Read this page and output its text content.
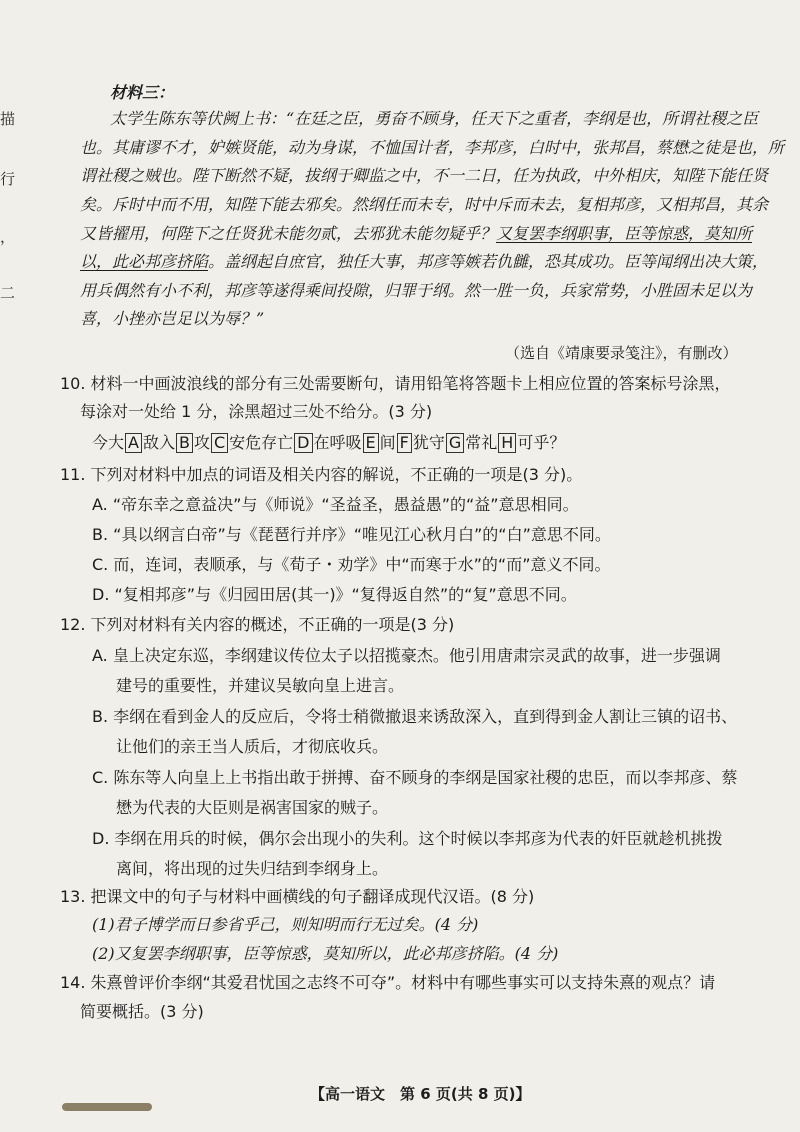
描
行
，
二
材料三：
太学生陈东等伏阙上书：“在廷之臣，勇奋不顾身，任天下之重者，李纲是也，所谓社稷之臣
也。其庸谬不才，妒嫉贤能，动为身谋，不恤国计者，李邦彦，白时中，张邦昌，蔡懋之徒是也，所
谓社稷之贼也。陛下断然不疑，拔纲于卿监之中，不一二日，任为执政，中外相庆，知陛下能任贤
矣。斥时中而不用，知陛下能去邪矣。然纲任而未专，时中斥而未去，复相邦彦，又相邦昌，其余
又皆擢用，何陛下之任贤犹未能勿贰，去邪犹未能勿疑乎？又复罢李纲职事，臣等惊惑，莫知所
以，此必邦彦挤陷。盖纲起自庶官，独任大事，邦彦等嫉若仇雠，恐其成功。臣等闻纲出决大策，
用兵偶然有小不利，邦彦等遂得乘间投隙，归罪于纲。然一胜一负，兵家常势，小胜固未足以为
喜，小挫亦岂足以为辱？”
（选自《靖康要录笺注》，有删改）
10. 材料一中画波浪线的部分有三处需要断句，请用铅笔将答题卡上相应位置的答案标号涂黑，
每涂对一处给 1 分，涂黑超过三处不给分。(3 分)
今大 A 敌入 B 攻 C 安危存亡 D 在呼吸 E 间 F 犹守 G 常礼 H 可乎？
11. 下列对材料中加点的词语及相关内容的解说，不正确的一项是(3 分)。
A. “帝东幸之意益决”与《师说》“圣益圣，愚益愚”的“益”意思相同。
B. “具以纲言白帝”与《琵琶行并序》“唯见江心秋月白”的“白”意思不同。
C. 而，连词，表顺承，与《荀子・劝学》中“而寒于水”的“而”意义不同。
D. “复相邦彦”与《归园田居(其一)》“复得返自然”的“复”意思不同。
12. 下列对材料有关内容的概述，不正确的一项是(3 分)
A. 皇上决定东巡，李纲建议传位太子以招揽豪杰。他引用唐肃宗灵武的故事，进一步强调
建号的重要性，并建议吴敏向皇上进言。
B. 李纲在看到金人的反应后，令将士稍微撤退来诱敌深入，直到得到金人割让三镇的诏书、
让他们的亲王当人质后，才彻底收兵。
C. 陈东等人向皇上上书指出敢于拼搏、奋不顾身的李纲是国家社稷的忠臣，而以李邦彦、蔡
懋为代表的大臣则是祸害国家的贼子。
D. 李纲在用兵的时候，偶尔会出现小的失利。这个时候以李邦彦为代表的奸臣就趁机挑拨
离间，将出现的过失归结到李纲身上。
13. 把课文中的句子与材料中画横线的句子翻译成现代汉语。(8 分)
(1)君子博学而日参省乎己，则知明而行无过矣。(4 分)
(2)又复罢李纲职事，臣等惊惑，莫知所以，此必邦彦挤陷。(4 分)
14. 朱熹曾评价李纲“其爱君忧国之志终不可夺”。材料中有哪些事实可以支持朱熹的观点？请
简要概括。(3 分)
【高一语文　第 6 页(共 8 页)】
